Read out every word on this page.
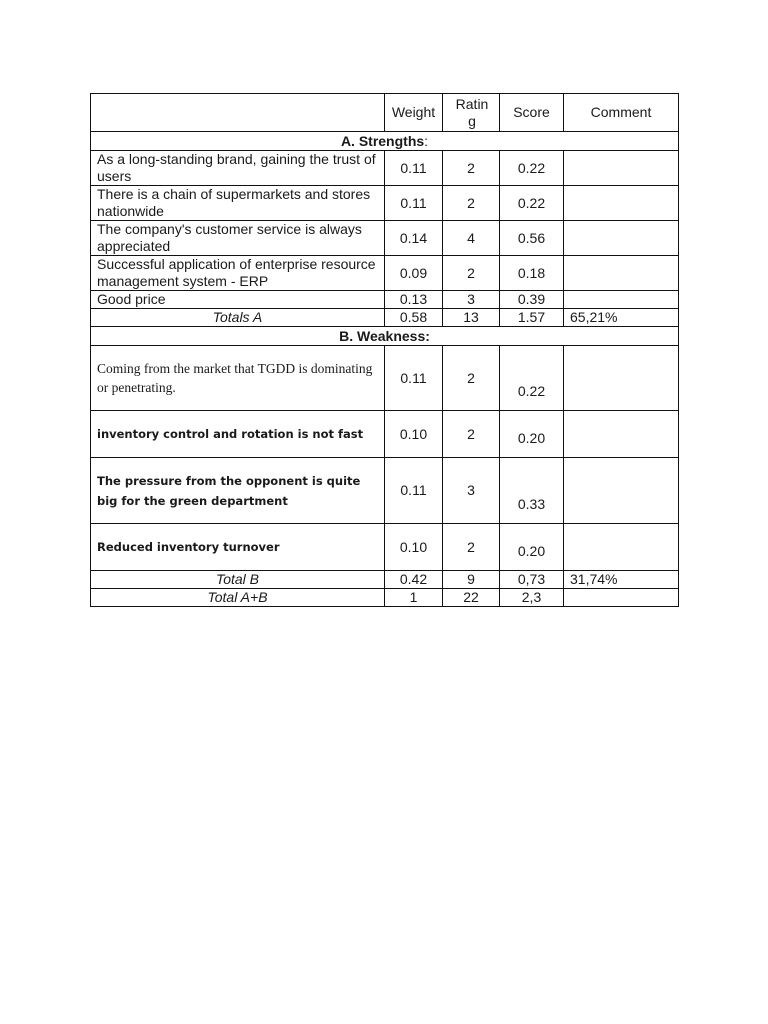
	Weight	Rating	Score	Comment
A. Strengths:				
As a long-standing brand, gaining the trust of users	0.11	2	0.22	
There is a chain of supermarkets and stores nationwide	0.11	2	0.22	
The company's customer service is always appreciated	0.14	4	0.56	
Successful application of enterprise resource management system - ERP	0.09	2	0.18	
Good price	0.13	3	0.39	
Totals A	0.58	13	1.57	65,21%
B. Weakness:				
Coming from the market that TGDD is dominating or penetrating.	0.11	2	0.22	
inventory control and rotation is not fast	0.10	2	0.20	
The pressure from the opponent is quite big for the green department	0.11	3	0.33	
Reduced inventory turnover	0.10	2	0.20	
Total B	0.42	9	0,73	31,74%
Total A+B	1	22	2,3	
